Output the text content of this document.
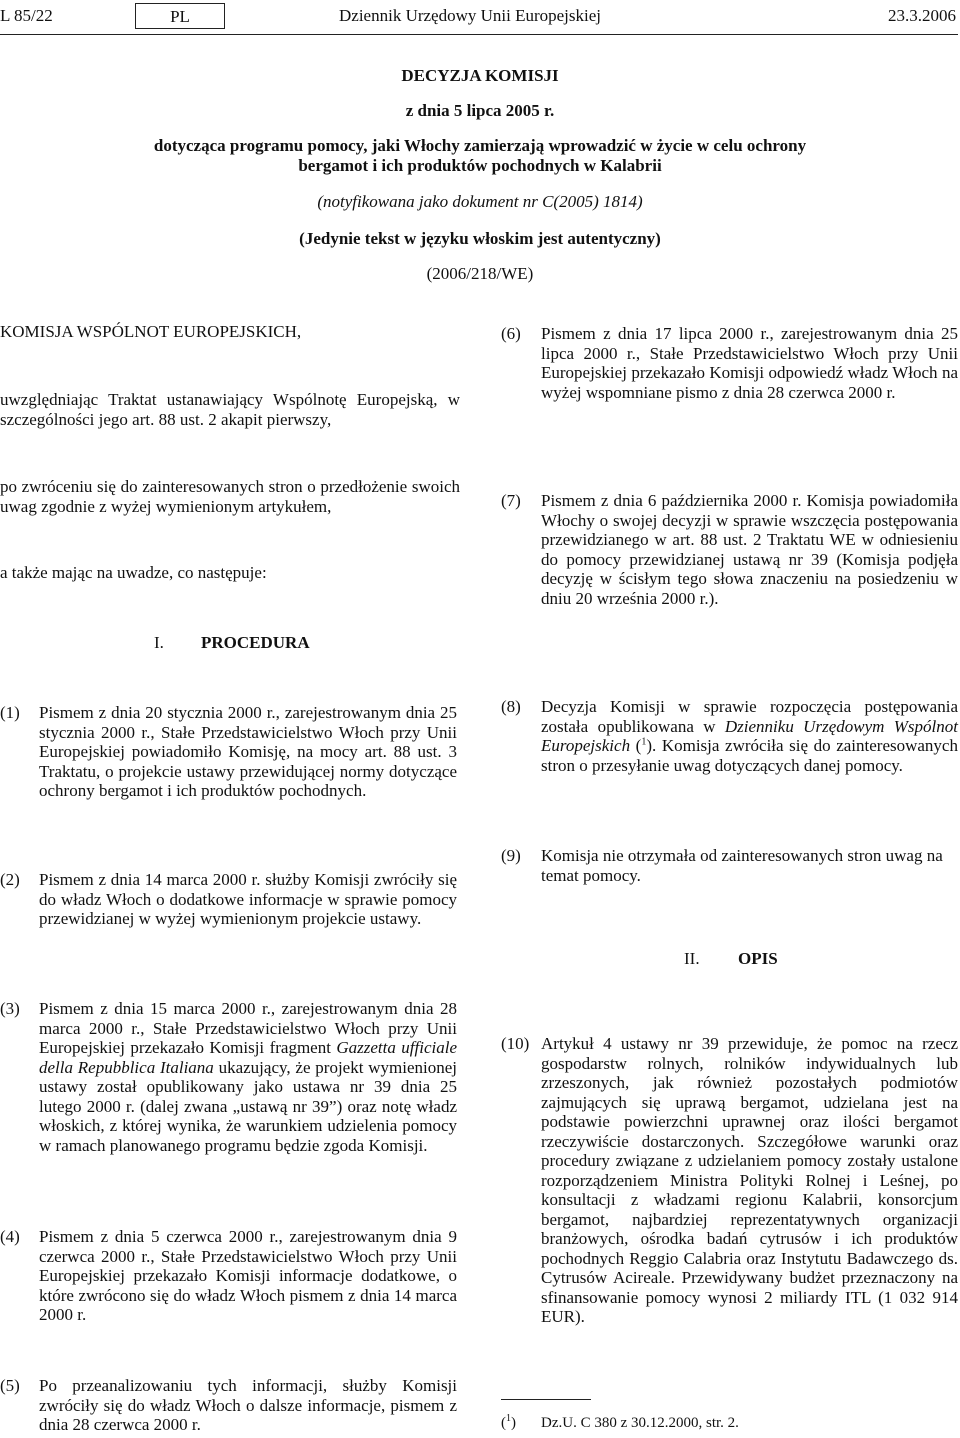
L 85/22	PL	Dziennik Urzędowy Unii Europejskiej	23.3.2006
DECYZJA KOMISJI
z dnia 5 lipca 2005 r.
dotycząca programu pomocy, jaki Włochy zamierzają wprowadzić w życie w celu ochrony
bergamot i ich produktów pochodnych w Kalabrii
(notyfikowana jako dokument nr C(2005) 1814)
(Jedynie tekst w języku włoskim jest autentyczny)
(2006/218/WE)
KOMISJA WSPÓLNOT EUROPEJSKICH,
uwzględniając Traktat ustanawiający Wspólnotę Europejską, w szczególności jego art. 88 ust. 2 akapit pierwszy,
po zwróceniu się do zainteresowanych stron o przedłożenie swoich uwag zgodnie z wyżej wymienionym artykułem,
a także mając na uwadze, co następuje:
I. PROCEDURA
(1) Pismem z dnia 20 stycznia 2000 r., zarejestrowanym dnia 25 stycznia 2000 r., Stałe Przedstawicielstwo Włoch przy Unii Europejskiej powiadomiło Komisję, na mocy art. 88 ust. 3 Traktatu, o projekcie ustawy przewidującej normy dotyczące ochrony bergamot i ich produktów pochodnych.
(2) Pismem z dnia 14 marca 2000 r. służby Komisji zwróciły się do władz Włoch o dodatkowe informacje w sprawie pomocy przewidzianej w wyżej wymienionym projekcie ustawy.
(3) Pismem z dnia 15 marca 2000 r., zarejestrowanym dnia 28 marca 2000 r., Stałe Przedstawicielstwo Włoch przy Unii Europejskiej przekazało Komisji fragment Gazzetta ufficiale della Repubblica Italiana ukazujący, że projekt wymienionej ustawy został opublikowany jako ustawa nr 39 dnia 25 lutego 2000 r. (dalej zwana „ustawą nr 39”) oraz notę władz włoskich, z której wynika, że warunkiem udzielenia pomocy w ramach planowanego programu będzie zgoda Komisji.
(4) Pismem z dnia 5 czerwca 2000 r., zarejestrowanym dnia 9 czerwca 2000 r., Stałe Przedstawicielstwo Włoch przy Unii Europejskiej przekazało Komisji informacje dodatkowe, o które zwrócono się do władz Włoch pismem z dnia 14 marca 2000 r.
(5) Po przeanalizowaniu tych informacji, służby Komisji zwróciły się do władz Włoch o dalsze informacje, pismem z dnia 28 czerwca 2000 r.
(6) Pismem z dnia 17 lipca 2000 r., zarejestrowanym dnia 25 lipca 2000 r., Stałe Przedstawicielstwo Włoch przy Unii Europejskiej przekazało Komisji odpowiedź władz Włoch na wyżej wspomniane pismo z dnia 28 czerwca 2000 r.
(7) Pismem z dnia 6 października 2000 r. Komisja powiadomiła Włochy o swojej decyzji w sprawie wszczęcia postępowania przewidzianego w art. 88 ust. 2 Traktatu WE w odniesieniu do pomocy przewidzianej ustawą nr 39 (Komisja podjęła decyzję w ścisłym tego słowa znaczeniu na posiedzeniu w dniu 20 września 2000 r.).
(8) Decyzja Komisji w sprawie rozpoczęcia postępowania została opublikowana w Dzienniku Urzędowym Wspólnot Europejskich ($^1$). Komisja zwróciła się do zainteresowanych stron o przesyłanie uwag dotyczących danej pomocy.
(9) Komisja nie otrzymała od zainteresowanych stron uwag na temat pomocy.
II. OPIS
(10) Artykuł 4 ustawy nr 39 przewiduje, że pomoc na rzecz gospodarstw rolnych, rolników indywidualnych lub zrzeszonych, jak również pozostałych podmiotów zajmujących się uprawą bergamot, udzielana jest na podstawie powierzchni uprawnej oraz ilości bergamot rzeczywiście dostarczonych. Szczegółowe warunki oraz procedury związane z udzielaniem pomocy zostały ustalone rozporządzeniem Ministra Polityki Rolnej i Leśnej, po konsultacji z władzami regionu Kalabrii, konsorcjum bergamot, najbardziej reprezentatywnych organizacji branżowych, ośrodka badań cytrusów i ich produktów pochodnych Reggio Calabria oraz Instytutu Badawczego ds. Cytrusów Acireale. Przewidywany budżet przeznaczony na sfinansowanie pomocy wynosi 2 miliardy ITL (1 032 914 EUR).
($^1$) Dz.U. C 380 z 30.12.2000, str. 2.
